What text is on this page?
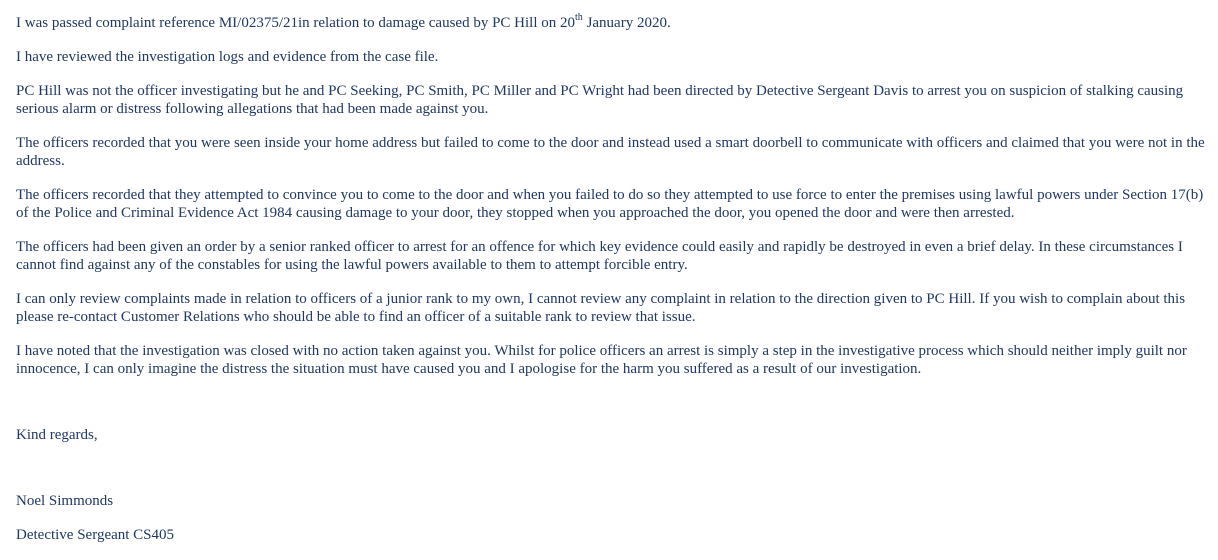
I was passed complaint reference MI/02375/21in relation to damage caused by PC Hill on 20th January 2020.

I have reviewed the investigation logs and evidence from the case file.

PC Hill was not the officer investigating but he and PC Seeking, PC Smith, PC Miller and PC Wright had been directed by Detective Sergeant Davis to arrest you on suspicion of stalking causing serious alarm or distress following allegations that had been made against you.

The officers recorded that you were seen inside your home address but failed to come to the door and instead used a smart doorbell to communicate with officers and claimed that you were not in the address.

The officers recorded that they attempted to convince you to come to the door and when you failed to do so they attempted to use force to enter the premises using lawful powers under Section 17(b) of the Police and Criminal Evidence Act 1984 causing damage to your door, they stopped when you approached the door, you opened the door and were then arrested.

The officers had been given an order by a senior ranked officer to arrest for an offence for which key evidence could easily and rapidly be destroyed in even a brief delay. In these circumstances I cannot find against any of the constables for using the lawful powers available to them to attempt forcible entry.

I can only review complaints made in relation to officers of a junior rank to my own, I cannot review any complaint in relation to the direction given to PC Hill. If you wish to complain about this please re-contact Customer Relations who should be able to find an officer of a suitable rank to review that issue.

I have noted that the investigation was closed with no action taken against you. Whilst for police officers an arrest is simply a step in the investigative process which should neither imply guilt nor innocence, I can only imagine the distress the situation must have caused you and I apologise for the harm you suffered as a result of our investigation.

Kind regards,

Noel Simmonds

Detective Sergeant CS405
